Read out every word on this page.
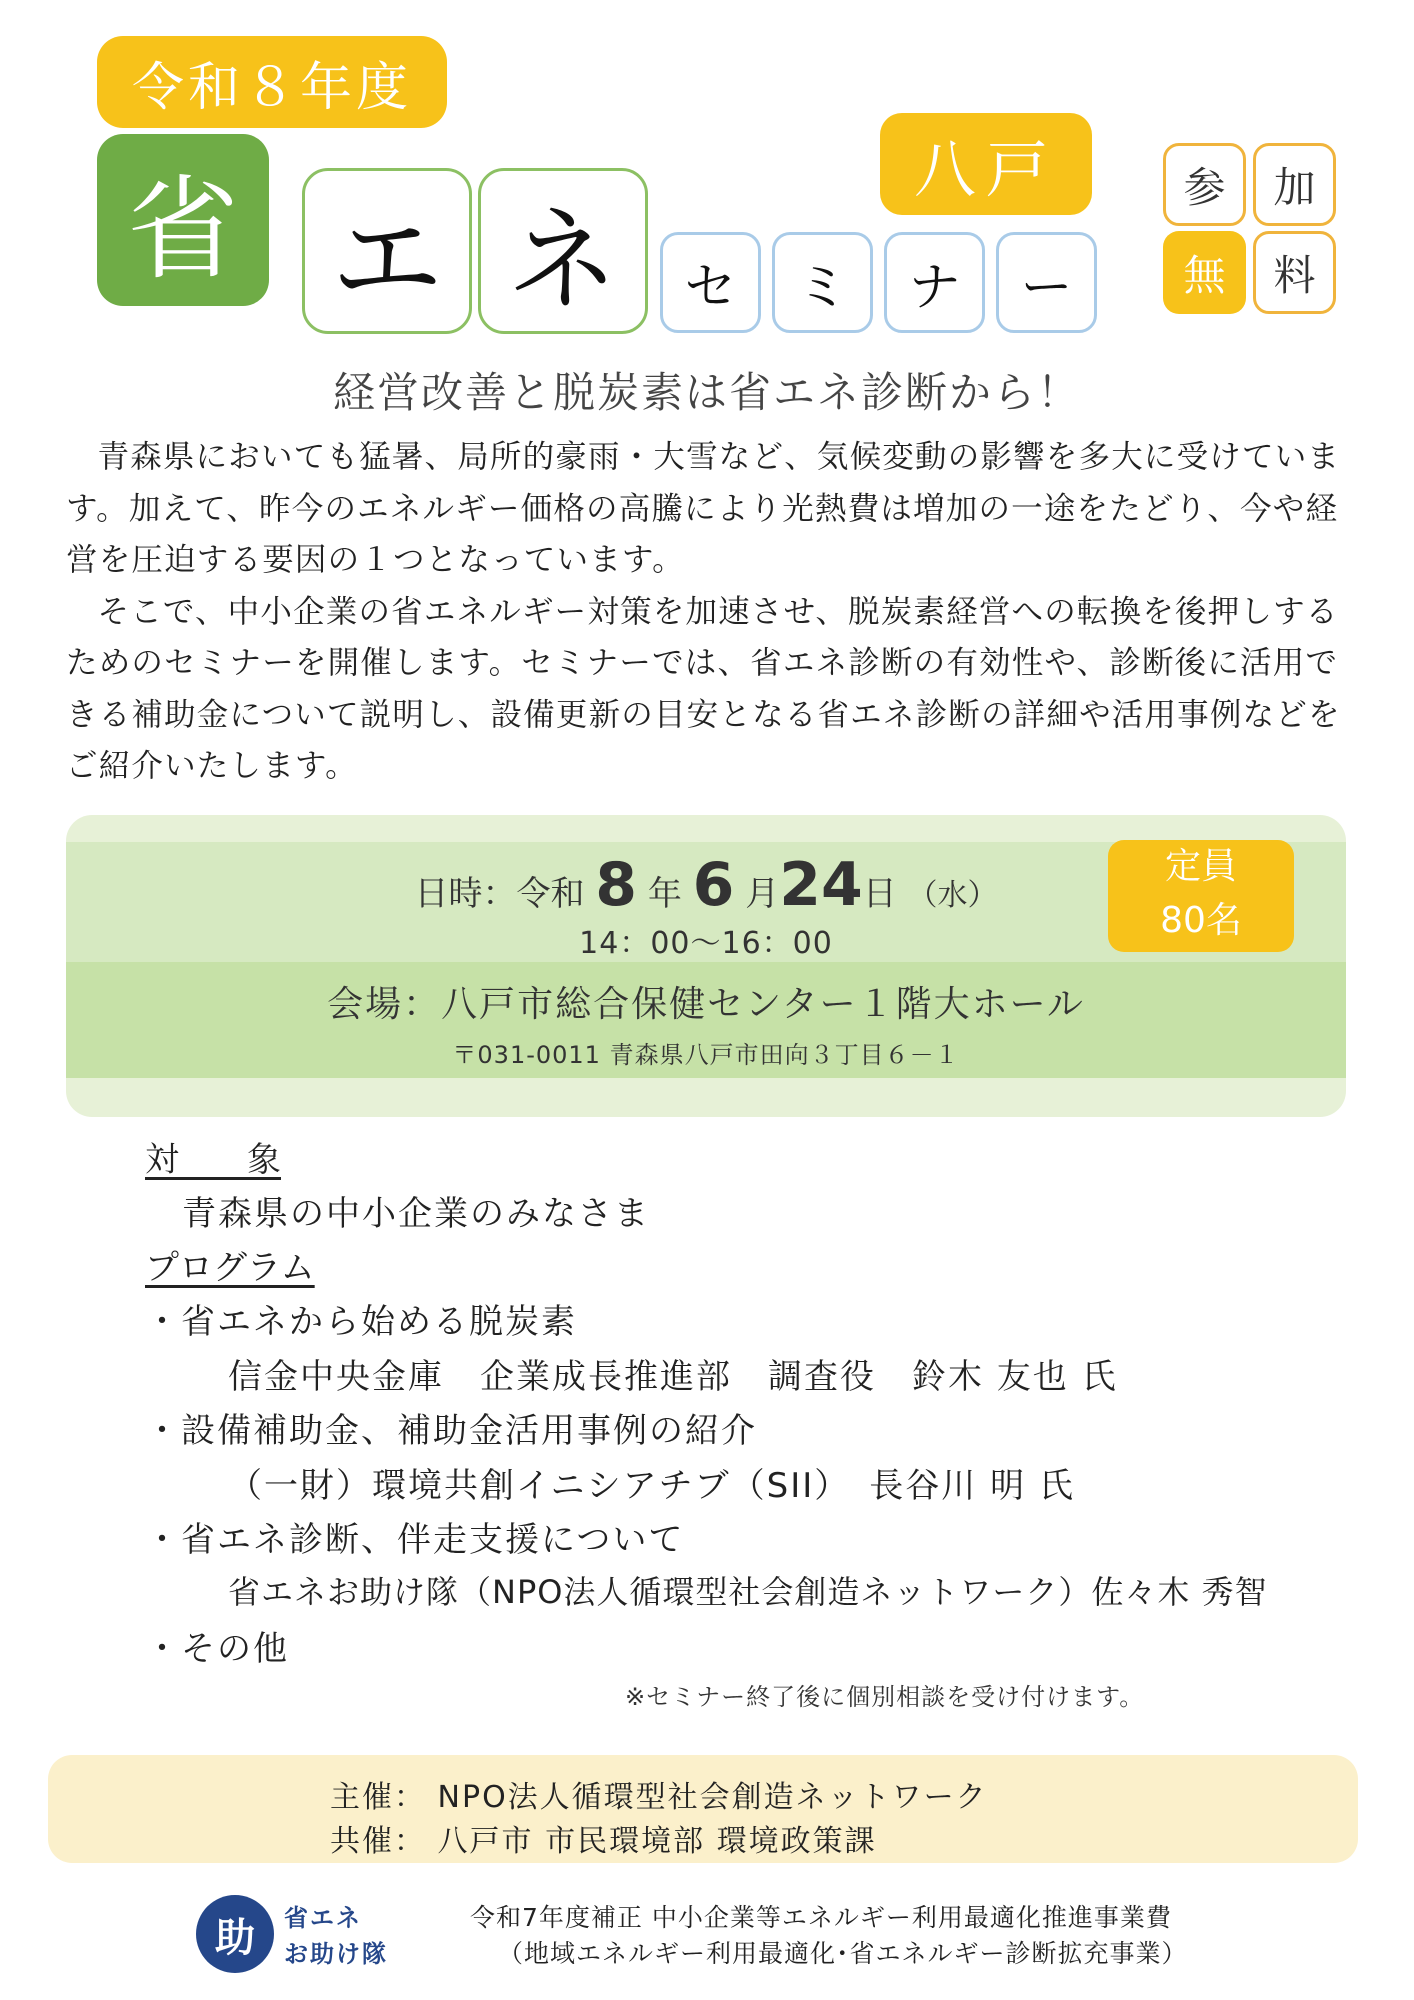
令和８年度
省 エ ネ	セ	ミ	ナ	ー
八戸	参	加
無	料
経営改善と脱炭素は省エネ診断から！

青森県においても猛暑、局所的豪雨・大雪など、気候変動の影響を多大に受けています。加えて、昨今のエネルギー価格の高騰により光熱費は増加の一途をたどり、今や経営を圧迫する要因の１つとなっています。

そこで、中小企業の省エネルギー対策を加速させ、脱炭素経営への転換を後押しするためのセミナーを開催します。セミナーでは、省エネ診断の有効性や、診断後に活用できる補助金について説明し、設備更新の目安となる省エネ診断の詳細や活用事例などをご紹介いたします。

日時：令和 8 年 6 月24日 （水）
14：00～16：00
定員
80名
会場：八戸市総合保健センター１階大ホール
〒031-0011 青森県八戸市田向３丁目６－１
対　　象
青森県の中小企業のみなさま
プログラム
・省エネから始める脱炭素
信金中央金庫　企業成長推進部　調査役　鈴木 友也 氏
・設備補助金、補助金活用事例の紹介
（一財）環境共創イニシアチブ（SII）　長谷川 明 氏
・省エネ診断、伴走支援について
省エネお助け隊（NPO法人循環型社会創造ネットワーク）佐々木 秀智
・その他
※セミナー終了後に個別相談を受け付けます。
主催： NPO法人循環型社会創造ネットワーク
共催： 八戸市 市民環境部 環境政策課
助	省エネ
お助け隊
令和7年度補正 中小企業等エネルギー利用最適化推進事業費
（地域エネルギー利用最適化･省エネルギー診断拡充事業）
